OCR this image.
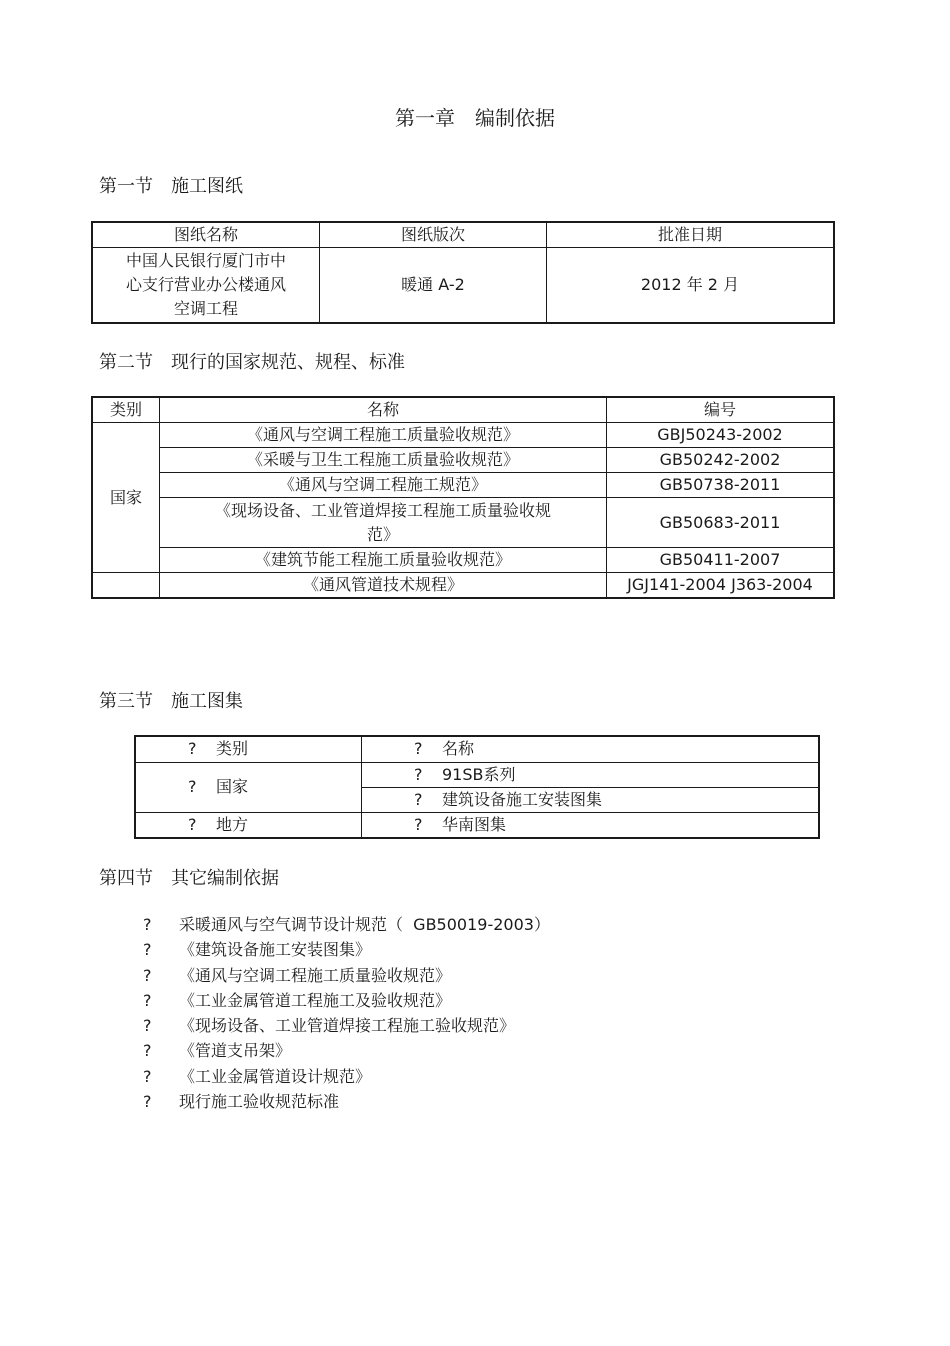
第一章　编制依据
第一节　施工图纸
图纸名称	图纸版次	批准日期

中国人民银行厦门市中
心支行营业办公楼通风
空调工程	暖通 A-2	2012 年 2 月
第二节　现行的国家规范、规程、标准
类别	名称	编号
国家	《通风与空调工程施工质量验收规范》	GBJ50243-2002
	《采暖与卫生工程施工质量验收规范》	GB50242-2002
	《通风与空调工程施工规范》	GB50738-2011

	《现场设备、工业管道焊接工程施工质量验收规
范》	GB50683-2011
	《建筑节能工程施工质量验收规范》	GB50411-2007
	《通风管道技术规程》	JGJ141-2004 J363-2004
第三节　施工图集
? 类别	? 名称
? 国家	? 91SB系列
	? 建筑设备施工安装图集
? 地方	? 华南图集
第四节　其它编制依据
? 采暖通风与空气调节设计规范（  GB50019-2003）
? 《建筑设备施工安装图集》
? 《通风与空调工程施工质量验收规范》
? 《工业金属管道工程施工及验收规范》
? 《现场设备、工业管道焊接工程施工验收规范》
? 《管道支吊架》
? 《工业金属管道设计规范》
? 现行施工验收规范标准
